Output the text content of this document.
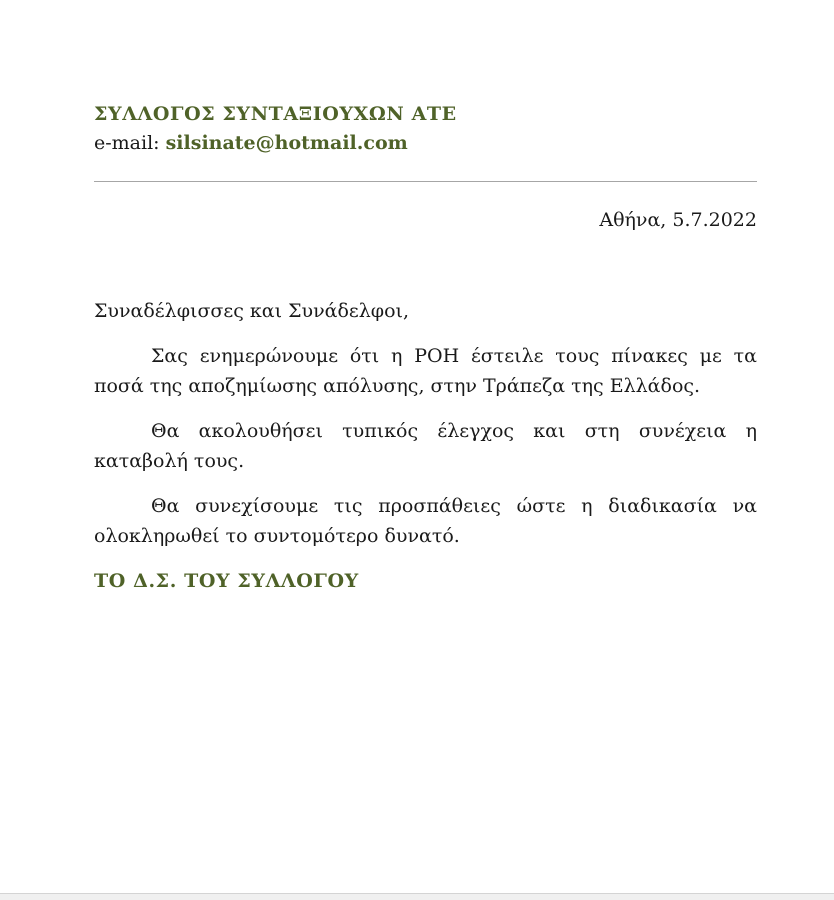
ΣΥΛΛΟΓΟΣ ΣΥΝΤΑΞΙΟΥΧΩΝ ΑΤΕ
e-mail: silsinate@hotmail.com
Αθήνα, 5.7.2022
Συναδέλφισσες και Συνάδελφοι,

Σας ενημερώνουμε ότι η ΡΟΗ έστειλε τους πίνακες με τα ποσά της αποζημίωσης απόλυσης, στην Τράπεζα της Ελλάδος.

Θα ακολουθήσει τυπικός έλεγχος και στη συνέχεια η καταβολή τους.

Θα συνεχίσουμε τις προσπάθειες ώστε η διαδικασία να ολοκληρωθεί το συντομότερο δυνατό.

ΤΟ Δ.Σ. ΤΟΥ ΣΥΛΛΟΓΟΥ
